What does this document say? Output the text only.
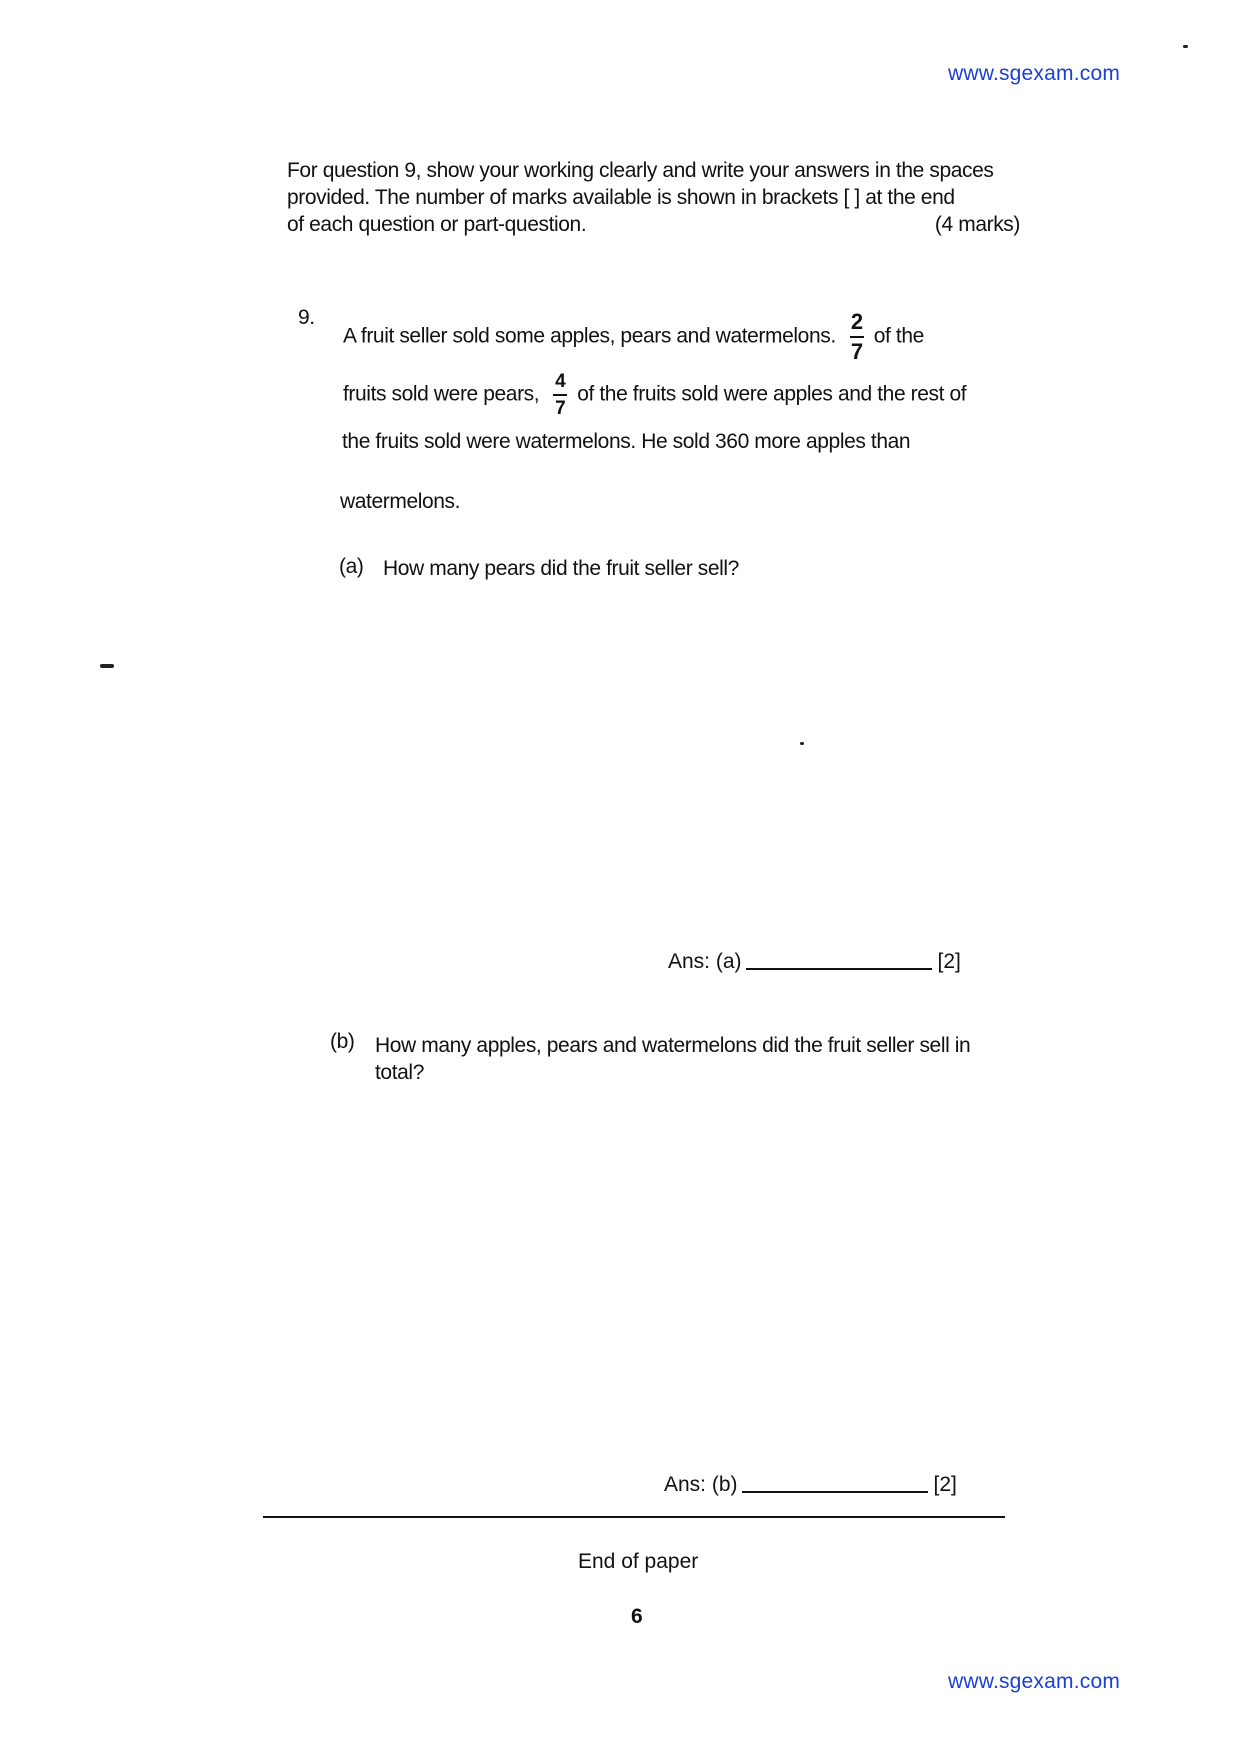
www.sgexam.com
For question 9, show your working clearly and write your answers in the spaces
provided. The number of marks available is shown in brackets [ ] at the end
of each question or part-question.	(4 marks)
9.
A fruit seller sold some apples, pears and watermelons. $\frac{2}{7}$ of the
fruits sold were pears, $\frac{4}{7}$ of the fruits sold were apples and the rest of
the fruits sold were watermelons. He sold 360 more apples than
watermelons.
(a) How many pears did the fruit seller sell?
Ans: (a)	[2]
(b) How many apples, pears and watermelons did the fruit seller sell in total?
Ans: (b)	[2]
End of paper
6
www.sgexam.com
